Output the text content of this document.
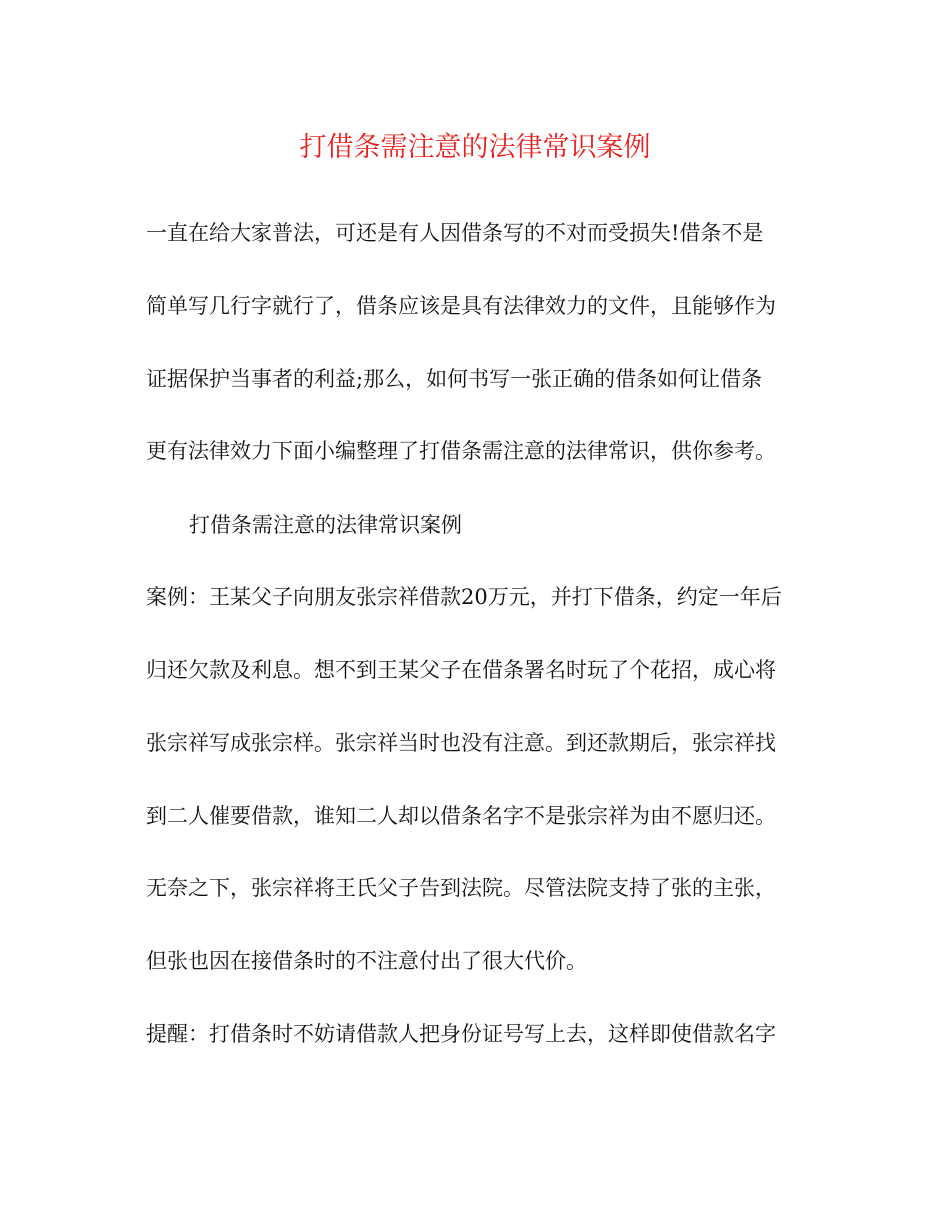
打借条需注意的法律常识案例

一直在给大家普法，可还是有人因借条写的不对而受损失!借条不是

简单写几行字就行了，借条应该是具有法律效力的文件，且能够作为

证据保护当事者的利益;那么，如何书写一张正确的借条如何让借条

更有法律效力下面小编整理了打借条需注意的法律常识，供你参考。

打借条需注意的法律常识案例

案例：王某父子向朋友张宗祥借款20万元，并打下借条，约定一年后

归还欠款及利息。想不到王某父子在借条署名时玩了个花招，成心将

张宗祥写成张宗样。张宗祥当时也没有注意。到还款期后，张宗祥找

到二人催要借款，谁知二人却以借条名字不是张宗祥为由不愿归还。

无奈之下，张宗祥将王氏父子告到法院。尽管法院支持了张的主张，

但张也因在接借条时的不注意付出了很大代价。

提醒：打借条时不妨请借款人把身份证号写上去，这样即使借款名字
